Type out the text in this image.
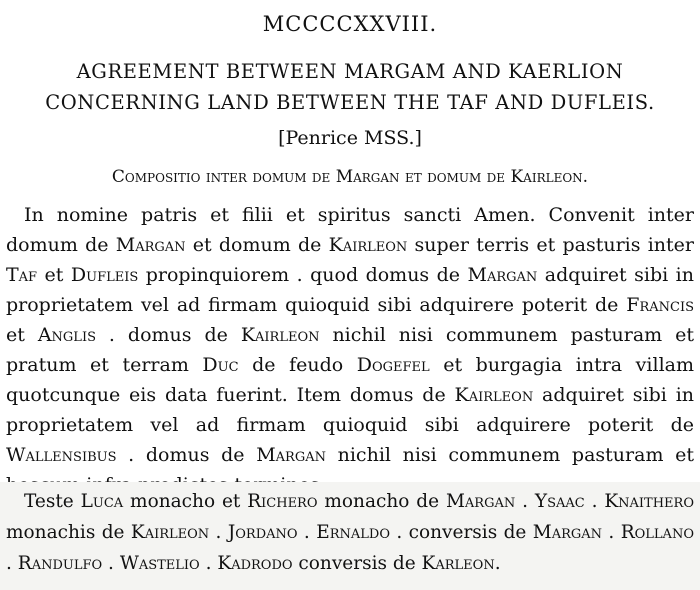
MCCCCXXVIII.
AGREEMENT BETWEEN MARGAM AND KAERLION CONCERNING LAND BETWEEN THE TAF AND DUFLEIS.
[Penrice MSS.]
Compositio inter domum de Margan et domum de Kairleon.

In nomine patris et filii et spiritus sancti Amen. Convenit inter domum de Margan et domum de Kairleon super terris et pasturis inter Taf et Dufleis propinquiorem . quod domus de Margan adquiret sibi in proprietatem vel ad firmam quioquid sibi adquirere poterit de Francis et Anglis . domus de Kairleon nichil nisi communem pasturam et pratum et terram Duc de feudo Dogefel et burgagia intra villam quotcunque eis data fuerint. Item domus de Kairleon adquiret sibi in proprietatem vel ad firmam quioquid sibi adquirere poterit de Wallensibus . domus de Margan nichil nisi communem pasturam et

Teste Luca monacho et Richero monacho de Margan . Ysaac . Knaithero monachis de Kairleon . Jordano . Ernaldo . conversis de Margan . Rollano . Randulfo . Wastelio . Kadrodo conversis de Karleon.
